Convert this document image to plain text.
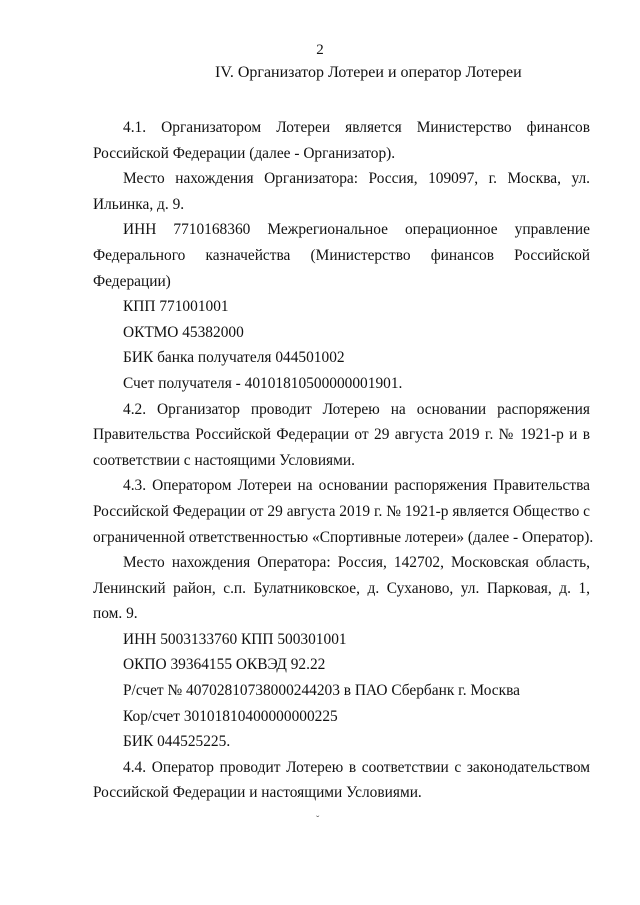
2
IV. Организатор Лотереи и оператор Лотереи
4.1. Организатором Лотереи является Министерство финансов
Российской Федерации (далее - Организатор).
Место нахождения Организатора: Россия, 109097, г. Москва, ул.
Ильинка, д. 9.
ИНН 7710168360 Межрегиональное операционное управление
Федерального казначейства (Министерство финансов Российской
Федерации)
КПП 771001001
ОКТМО 45382000
БИК банка получателя 044501002
Счет получателя - 40101810500000001901.
4.2. Организатор проводит Лотерею на основании распоряжения
Правительства Российской Федерации от 29 августа 2019 г. № 1921-р и в
соответствии с настоящими Условиями.
4.3. Оператором Лотереи на основании распоряжения Правительства
Российской Федерации от 29 августа 2019 г. № 1921-р является Общество с
ограниченной ответственностью «Спортивные лотереи» (далее - Оператор).
Место нахождения Оператора: Россия, 142702, Московская область,
Ленинский район, с.п. Булатниковское, д. Суханово, ул. Парковая, д. 1,
пом. 9.
ИНН 5003133760 КПП 500301001
ОКПО 39364155 ОКВЭД 92.22
Р/счет № 40702810738000244203 в ПАО Сбербанк г. Москва
Кор/счет 30101810400000000225
БИК 044525225.
4.4. Оператор проводит Лотерею в соответствии с законодательством
Российской Федерации и настоящими Условиями.
ˇ
